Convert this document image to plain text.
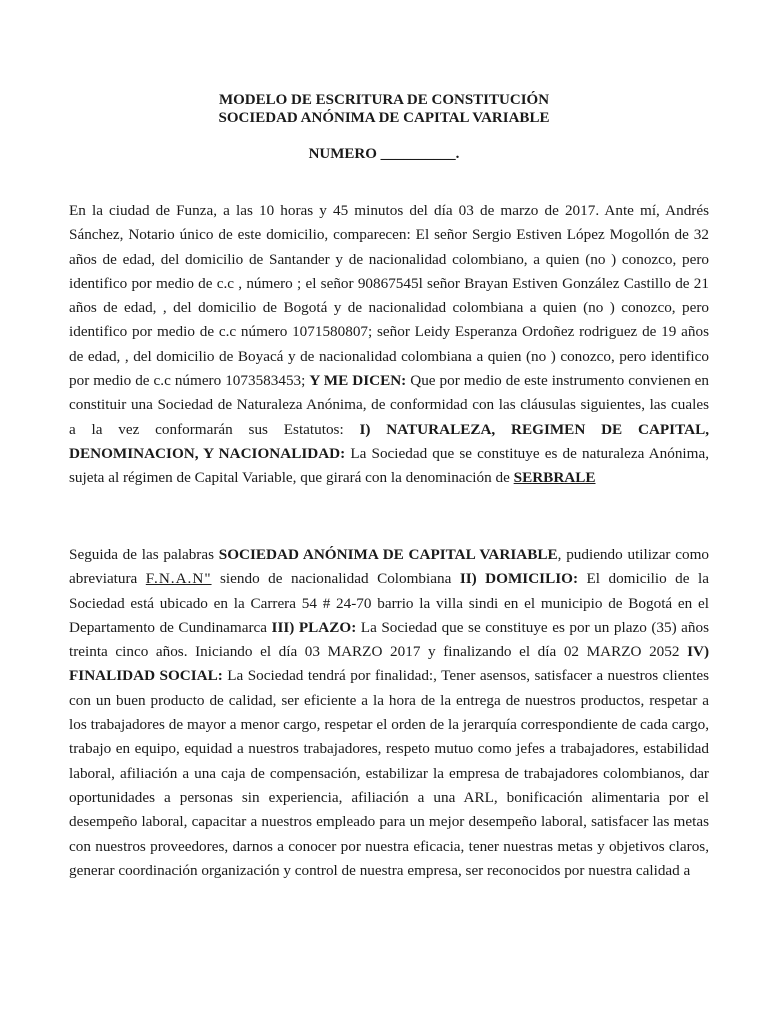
MODELO DE ESCRITURA DE CONSTITUCIÓN

SOCIEDAD ANÓNIMA DE CAPITAL VARIABLE

NUMERO __________.

En la ciudad de Funza, a las 10 horas y 45 minutos del día 03 de marzo de 2017. Ante mí, Andrés Sánchez, Notario único de este domicilio, comparecen: El señor Sergio Estiven López Mogollón de 32 años de edad, del domicilio de Santander y de nacionalidad colombiano, a quien (no ) conozco, pero identifico por medio de c.c , número ; el señor 90867545l señor Brayan Estiven González Castillo de 21 años de edad, , del domicilio de Bogotá y de nacionalidad colombiana a quien (no ) conozco, pero identifico por medio de c.c número 1071580807; señor Leidy Esperanza Ordoñez rodriguez de 19 años de edad, , del domicilio de Boyacá y de nacionalidad colombiana a quien (no ) conozco, pero identifico por medio de c.c número 1073583453; Y ME DICEN: Que por medio de este instrumento convienen en constituir una Sociedad de Naturaleza Anónima, de conformidad con las cláusulas siguientes, las cuales a la vez conformarán sus Estatutos: I) NATURALEZA, REGIMEN DE CAPITAL, DENOMINACION, Y NACIONALIDAD: La Sociedad que se constituye es de naturaleza Anónima, sujeta al régimen de Capital Variable, que girará con la denominación de SERBRALE

Seguida de las palabras SOCIEDAD ANÓNIMA DE CAPITAL VARIABLE, pudiendo utilizar como abreviatura F.N.A.N" siendo de nacionalidad Colombiana II) DOMICILIO: El domicilio de la Sociedad está ubicado en la Carrera 54 # 24-70 barrio la villa sindi en el municipio de Bogotá en el Departamento de Cundinamarca III) PLAZO: La Sociedad que se constituye es por un plazo (35) años treinta cinco años. Iniciando el día 03 MARZO 2017 y finalizando el día 02 MARZO 2052 IV) FINALIDAD SOCIAL: La Sociedad tendrá por finalidad:, Tener asensos, satisfacer a nuestros clientes con un buen producto de calidad, ser eficiente a la hora de la entrega de nuestros productos, respetar a los trabajadores de mayor a menor cargo, respetar el orden de la jerarquía correspondiente de cada cargo, trabajo en equipo, equidad a nuestros trabajadores, respeto mutuo como jefes a trabajadores, estabilidad laboral, afiliación a una caja de compensación, estabilizar la empresa de trabajadores colombianos, dar oportunidades a personas sin experiencia, afiliación a una ARL, bonificación alimentaria por el desempeño laboral, capacitar a nuestros empleado para un mejor desempeño laboral, satisfacer las metas con nuestros proveedores, darnos a conocer por nuestra eficacia, tener nuestras metas y objetivos claros, generar coordinación organización y control de nuestra empresa, ser reconocidos por nuestra calidad a
